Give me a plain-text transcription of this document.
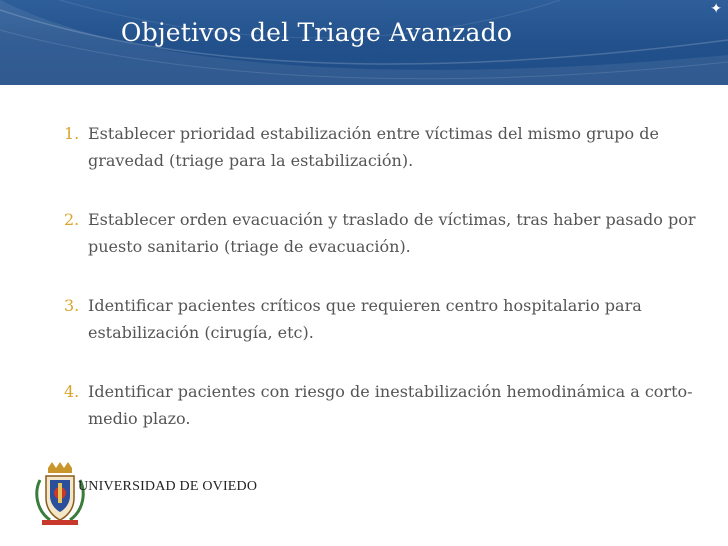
Objetivos del Triage Avanzado
✦
1. Establecer prioridad estabilización entre víctimas del mismo grupo de gravedad (triage para la estabilización).
2. Establecer orden evacuación y traslado de víctimas, tras haber pasado por puesto sanitario (triage de evacuación).
3. Identificar pacientes críticos que requieren centro hospitalario para estabilización (cirugía, etc).
4. Identificar pacientes con riesgo de inestabilización hemodinámica a corto-medio plazo.
UNIVERSIDAD DE OVIEDO
